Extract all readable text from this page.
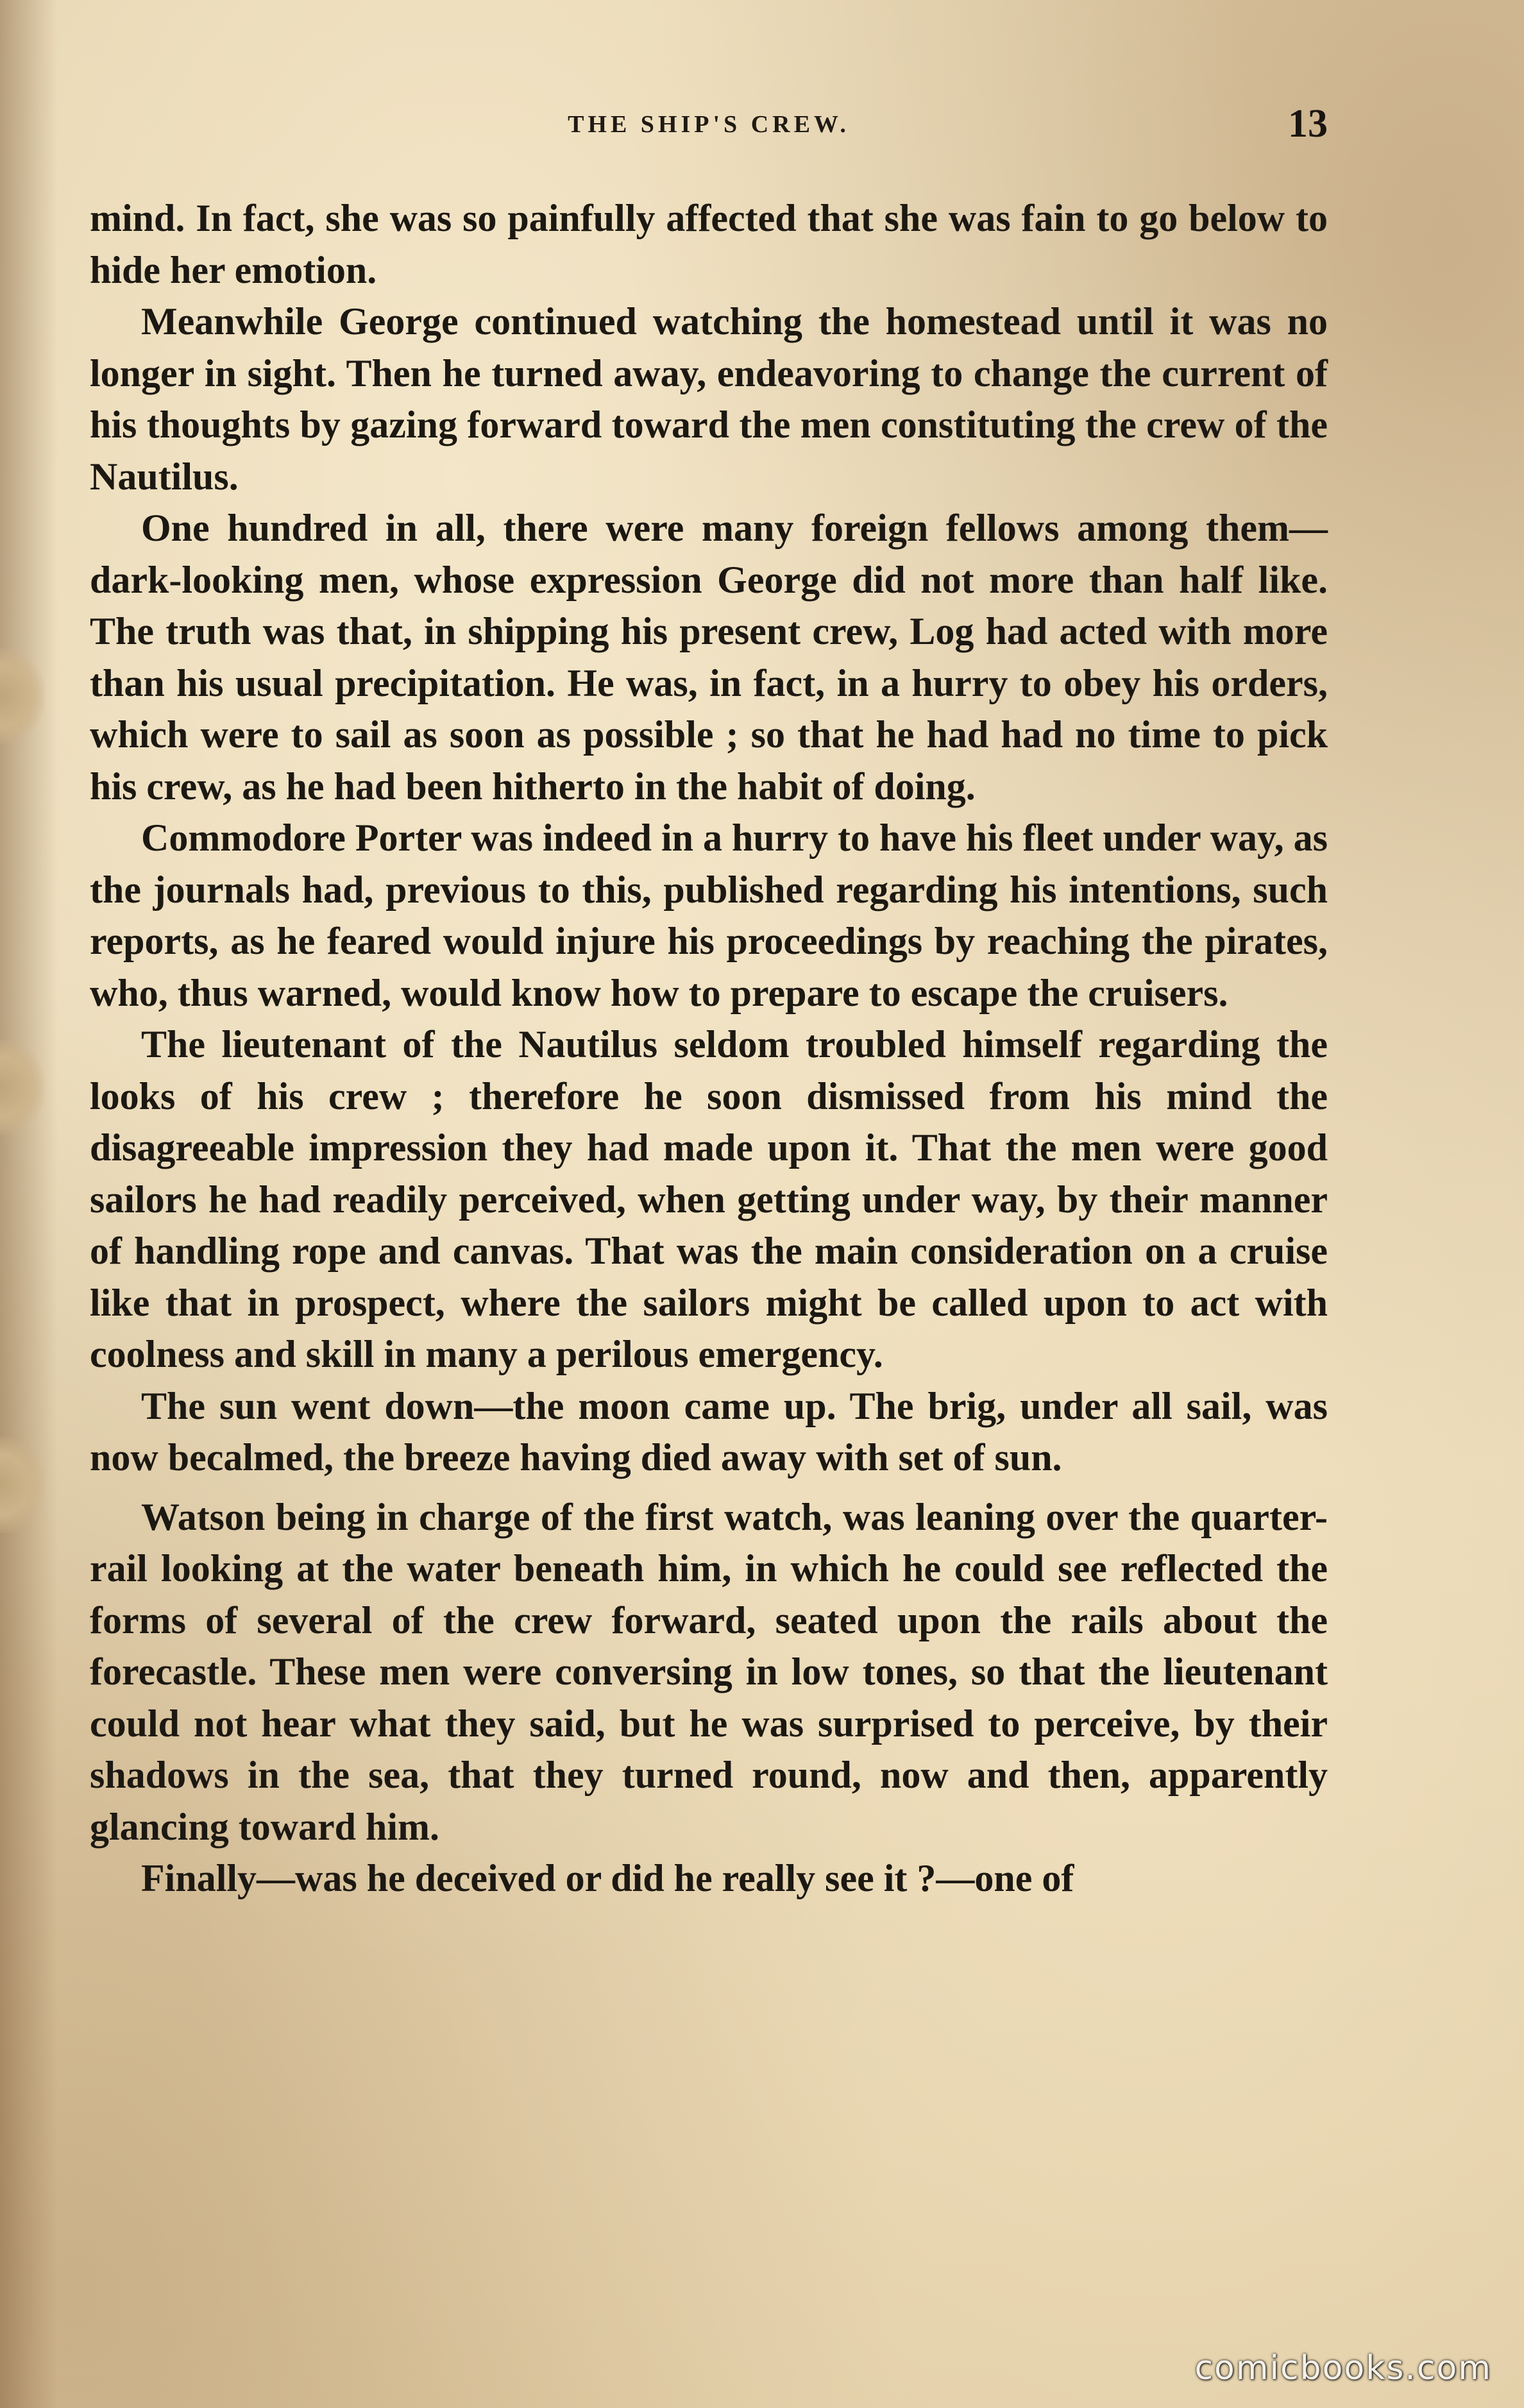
THE SHIP'S CREW.	13

mind. In fact, she was so painfully affected that she was fain to go below to hide her emotion.

Meanwhile George continued watching the homestead until it was no longer in sight. Then he turned away, endeavoring to change the current of his thoughts by gazing forward toward the men constituting the crew of the Nautilus.

One hundred in all, there were many foreign fellows among them—dark-looking men, whose expression George did not more than half like. The truth was that, in shipping his present crew, Log had acted with more than his usual precipitation. He was, in fact, in a hurry to obey his orders, which were to sail as soon as possible ; so that he had had no time to pick his crew, as he had been hitherto in the habit of doing.

Commodore Porter was indeed in a hurry to have his fleet under way, as the journals had, previous to this, published regarding his intentions, such reports, as he feared would injure his proceedings by reaching the pirates, who, thus warned, would know how to prepare to escape the cruisers.

The lieutenant of the Nautilus seldom troubled himself regarding the looks of his crew ; therefore he soon dismissed from his mind the disagreeable impression they had made upon it. That the men were good sailors he had readily perceived, when getting under way, by their manner of handling rope and canvas. That was the main consideration on a cruise like that in prospect, where the sailors might be called upon to act with coolness and skill in many a perilous emergency.

The sun went down—the moon came up. The brig, under all sail, was now becalmed, the breeze having died away with set of sun.

Watson being in charge of the first watch, was leaning over the quarter-rail looking at the water beneath him, in which he could see reflected the forms of several of the crew forward, seated upon the rails about the forecastle. These men were conversing in low tones, so that the lieutenant could not hear what they said, but he was surprised to perceive, by their shadows in the sea, that they turned round, now and then, apparently glancing toward him.

Finally—was he deceived or did he really see it ?—one of

comicbooks.com
